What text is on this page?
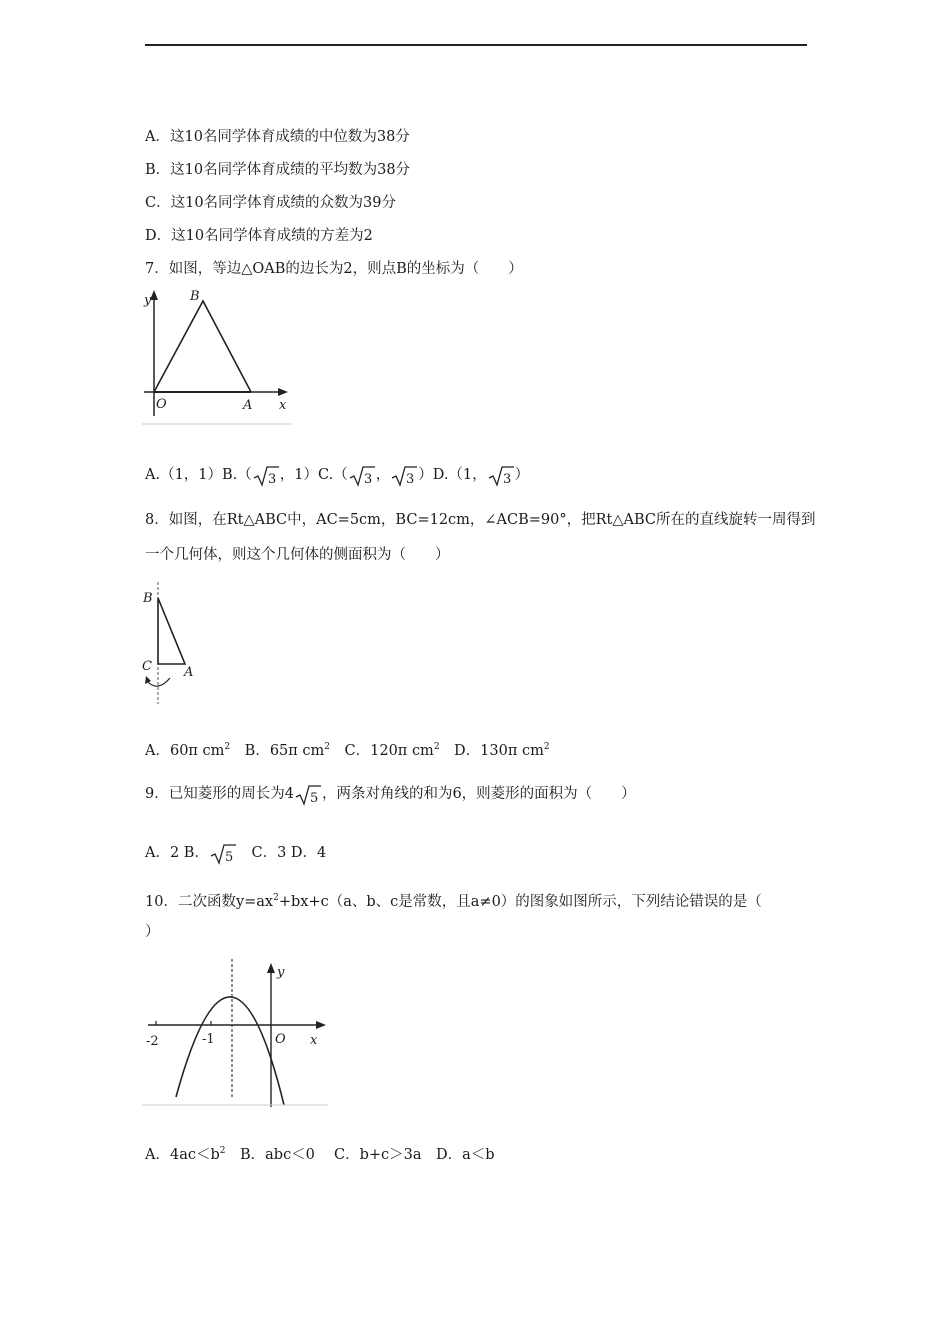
A．这10名同学体育成绩的中位数为38分
B．这10名同学体育成绩的平均数为38分
C．这10名同学体育成绩的众数为39分
D．这10名同学体育成绩的方差为2
7．如图，等边△OAB的边长为2，则点B的坐标为（　　）
y	B
O	A x
A.（1，1）B.（ 3 ，1）C.（ 3 ， 3 ）D.（1， 3 ）
8．如图，在Rt△ABC中，AC=5cm，BC=12cm，∠ACB=90°，把Rt△ABC所在的直线旋转一周得到
一个几何体，则这个几何体的侧面积为（　　）
B
C A
A．60π $cm^2$　 B．65π $cm^2$　 C．120π $cm^2$　 D．130π $cm^2$
9．已知菱形的周长为4 5 ，两条对角线的和为6，则菱形的面积为（　　）
A．2 B． 5
　 C．3 D．4
10．二次函数$y=ax^2+bx+c(a$、b、c是常数，且a≠0）的图象如图所示，下列结论错误的是（
）
y
x
O
-2	-1
A．$4ac<b^2$　 B．abc＜0　 C．b+c＞3a　D．a＜b
